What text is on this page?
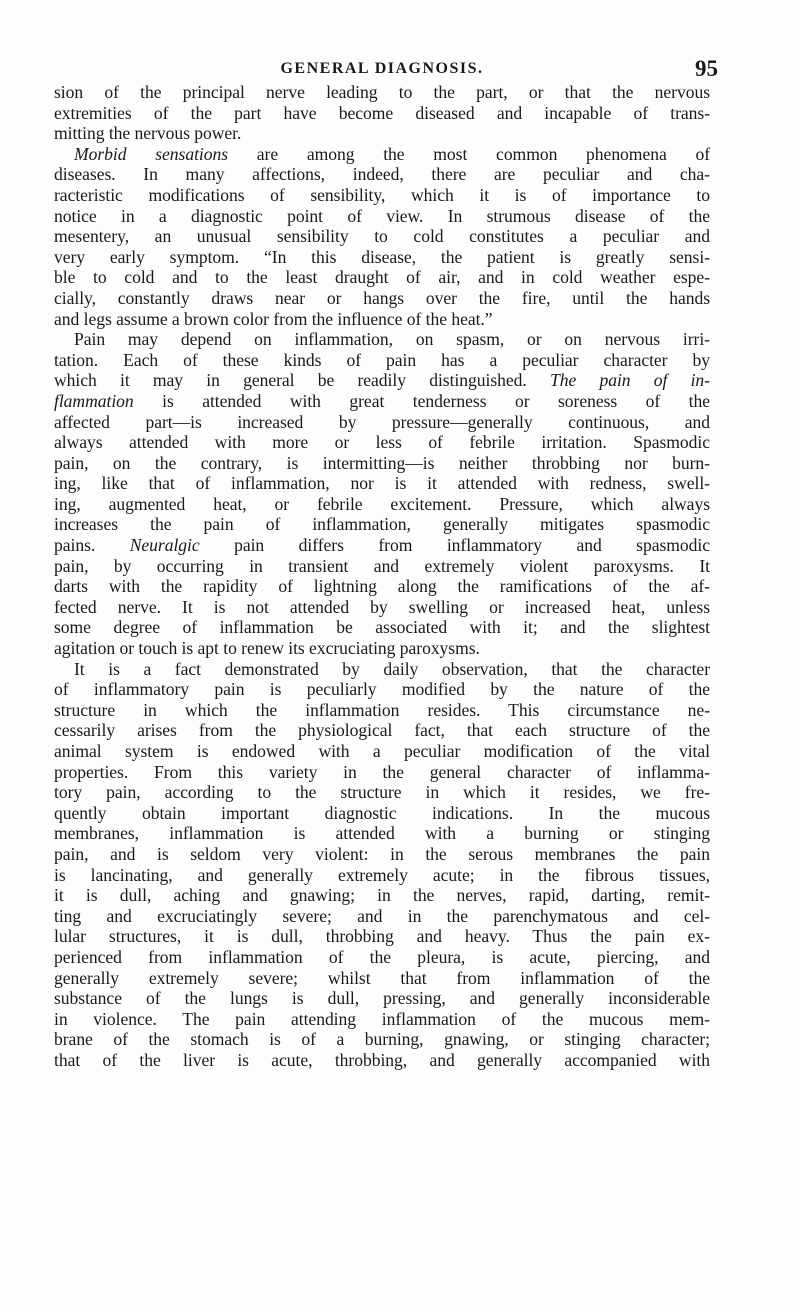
GENERAL DIAGNOSIS.	95
sion of the principal nerve leading to the part, or that the nervous
extremities of the part have become diseased and incapable of trans-
mitting the nervous power.
Morbid sensations are among the most common phenomena of
diseases. In many affections, indeed, there are peculiar and cha-
racteristic modifications of sensibility, which it is of importance to
notice in a diagnostic point of view. In strumous disease of the
mesentery, an unusual sensibility to cold constitutes a peculiar and
very early symptom. “In this disease, the patient is greatly sensi-
ble to cold and to the least draught of air, and in cold weather espe-
cially, constantly draws near or hangs over the fire, until the hands
and legs assume a brown color from the influence of the heat.”
Pain may depend on inflammation, on spasm, or on nervous irri-
tation. Each of these kinds of pain has a peculiar character by
which it may in general be readily distinguished. The pain of in-
flammation is attended with great tenderness or soreness of the
affected part—is increased by pressure—generally continuous, and
always attended with more or less of febrile irritation. Spasmodic
pain, on the contrary, is intermitting—is neither throbbing nor burn-
ing, like that of inflammation, nor is it attended with redness, swell-
ing, augmented heat, or febrile excitement. Pressure, which always
increases the pain of inflammation, generally mitigates spasmodic
pains. Neuralgic pain differs from inflammatory and spasmodic
pain, by occurring in transient and extremely violent paroxysms. It
darts with the rapidity of lightning along the ramifications of the af-
fected nerve. It is not attended by swelling or increased heat, unless
some degree of inflammation be associated with it; and the slightest
agitation or touch is apt to renew its excruciating paroxysms.
It is a fact demonstrated by daily observation, that the character
of inflammatory pain is peculiarly modified by the nature of the
structure in which the inflammation resides. This circumstance ne-
cessarily arises from the physiological fact, that each structure of the
animal system is endowed with a peculiar modification of the vital
properties. From this variety in the general character of inflamma-
tory pain, according to the structure in which it resides, we fre-
quently obtain important diagnostic indications. In the mucous
membranes, inflammation is attended with a burning or stinging
pain, and is seldom very violent: in the serous membranes the pain
is lancinating, and generally extremely acute; in the fibrous tissues,
it is dull, aching and gnawing; in the nerves, rapid, darting, remit-
ting and excruciatingly severe; and in the parenchymatous and cel-
lular structures, it is dull, throbbing and heavy. Thus the pain ex-
perienced from inflammation of the pleura, is acute, piercing, and
generally extremely severe; whilst that from inflammation of the
substance of the lungs is dull, pressing, and generally inconsiderable
in violence. The pain attending inflammation of the mucous mem-
brane of the stomach is of a burning, gnawing, or stinging character;
that of the liver is acute, throbbing, and generally accompanied with
